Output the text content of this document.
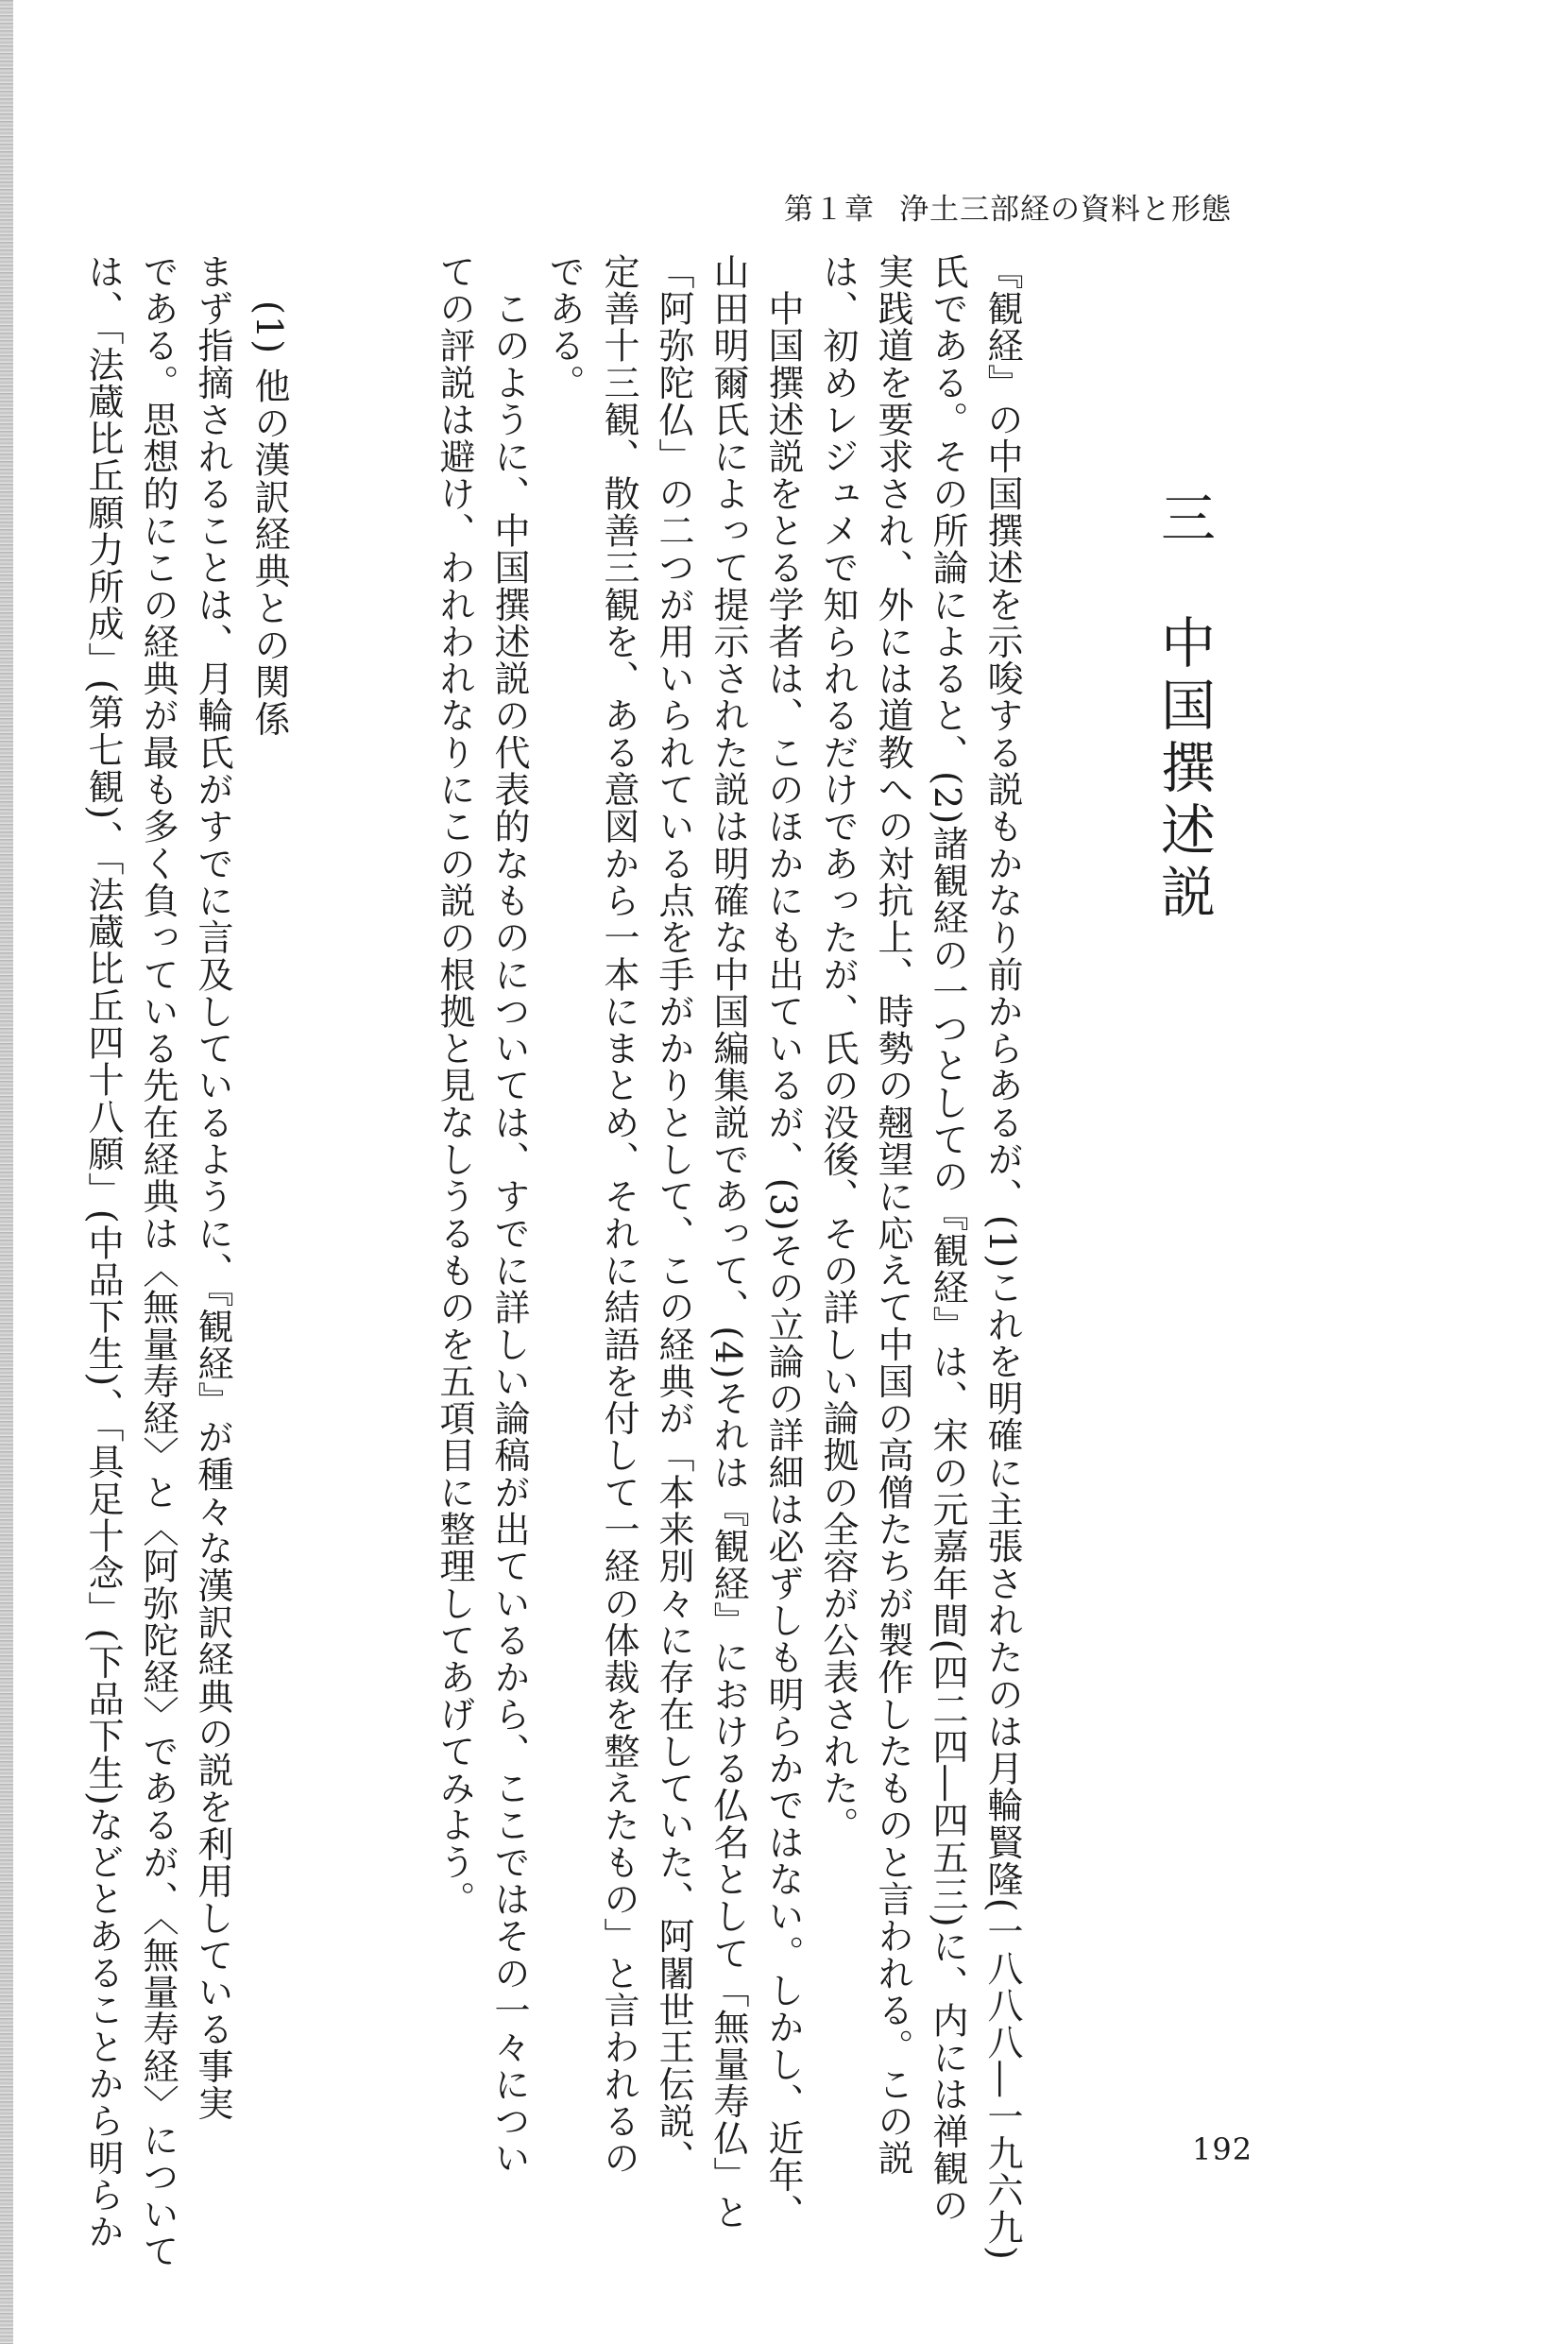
第１章 浄土三部経の資料と形態
『観経』の中国撰述を示唆する説もかなり前からあるが、(1)これを明確に主張されたのは月輪賢隆(一八八八―一九六九)
氏である。その所論によると、(2)諸観経の一つとしての『観経』は、宋の元嘉年間(四二四―四五三)に、内には禅観の
実践道を要求され、外には道教への対抗上、時勢の翹望に応えて中国の高僧たちが製作したものと言われる。この説
は、初めレジュメで知られるだけであったが、氏の没後、その詳しい論拠の全容が公表された。
　中国撰述説をとる学者は、このほかにも出ているが、(3)その立論の詳細は必ずしも明らかではない。しかし、近年、
山田明爾氏によって提示された説は明確な中国編集説であって、(4)それは『観経』における仏名として「無量寿仏」と
「阿弥陀仏」の二つが用いられている点を手がかりとして、この経典が「本来別々に存在していた、阿闍世王伝説、
定善十三観、散善三観を、ある意図から一本にまとめ、それに結語を付して一経の体裁を整えたもの」と言われるの
である。
　このように、中国撰述説の代表的なものについては、すでに詳しい論稿が出ているから、ここではその一々につい
ての評説は避け、われわれなりにこの説の根拠と見なしうるものを五項目に整理してあげてみよう。
まず指摘されることは、月輪氏がすでに言及しているように、『観経』が種々な漢訳経典の説を利用している事実
である。思想的にこの経典が最も多く負っている先在経典は〈無量寿経〉と〈阿弥陀経〉であるが、〈無量寿経〉について
は、「法蔵比丘願力所成」(第七観)、「法蔵比丘四十八願」(中品下生)、「具足十念」(下品下生)などとあることから明らか	三　中国撰述説
(1)他の漢訳経典との関係
192
